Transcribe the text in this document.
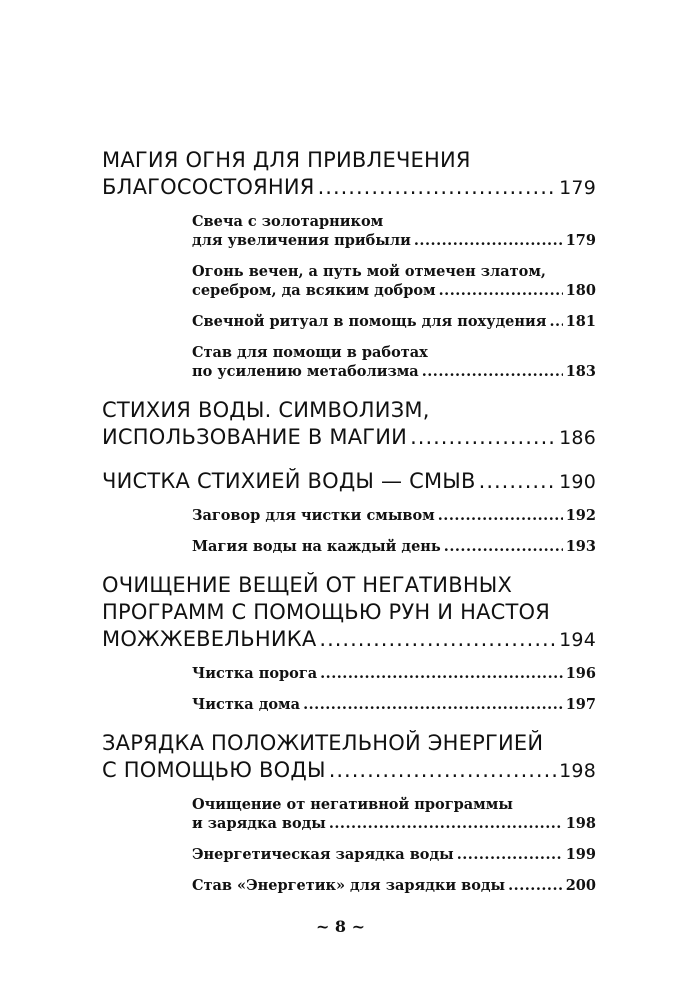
МАГИЯ ОГНЯ ДЛЯ ПРИВЛЕЧЕНИЯ
БЛАГОСОСТОЯНИЯ .....	179
Свеча с золотарником
для увеличения прибыли .....	179
Огонь вечен, а путь мой отмечен златом,
серебром, да всяким добром .....	180
Свечной ритуал в помощь для похудения ..... 181
Став для помощи в работах
по усилению метаболизма .....	183
СТИХИЯ ВОДЫ. СИМВОЛИЗМ,
ИСПОЛЬЗОВАНИЕ В МАГИИ .....	186
ЧИСТКА СТИХИЕЙ ВОДЫ — СМЫВ .....	190
Заговор для чистки смывом .....	192
Магия воды на каждый день .....	193
ОЧИЩЕНИЕ ВЕЩЕЙ ОТ НЕГАТИВНЫХ
ПРОГРАММ С ПОМОЩЬЮ РУН И НАСТОЯ
МОЖЖЕВЕЛЬНИКА .....	194
Чистка порога .....	196
Чистка дома .....	197
ЗАРЯДКА ПОЛОЖИТЕЛЬНОЙ ЭНЕРГИЕЙ
С ПОМОЩЬЮ ВОДЫ .....	198
Очищение от негативной программы
и зарядка воды .....	198
Энергетическая зарядка воды .....	199
Став «Энергетик» для зарядки воды .....	200
~ 8 ~
